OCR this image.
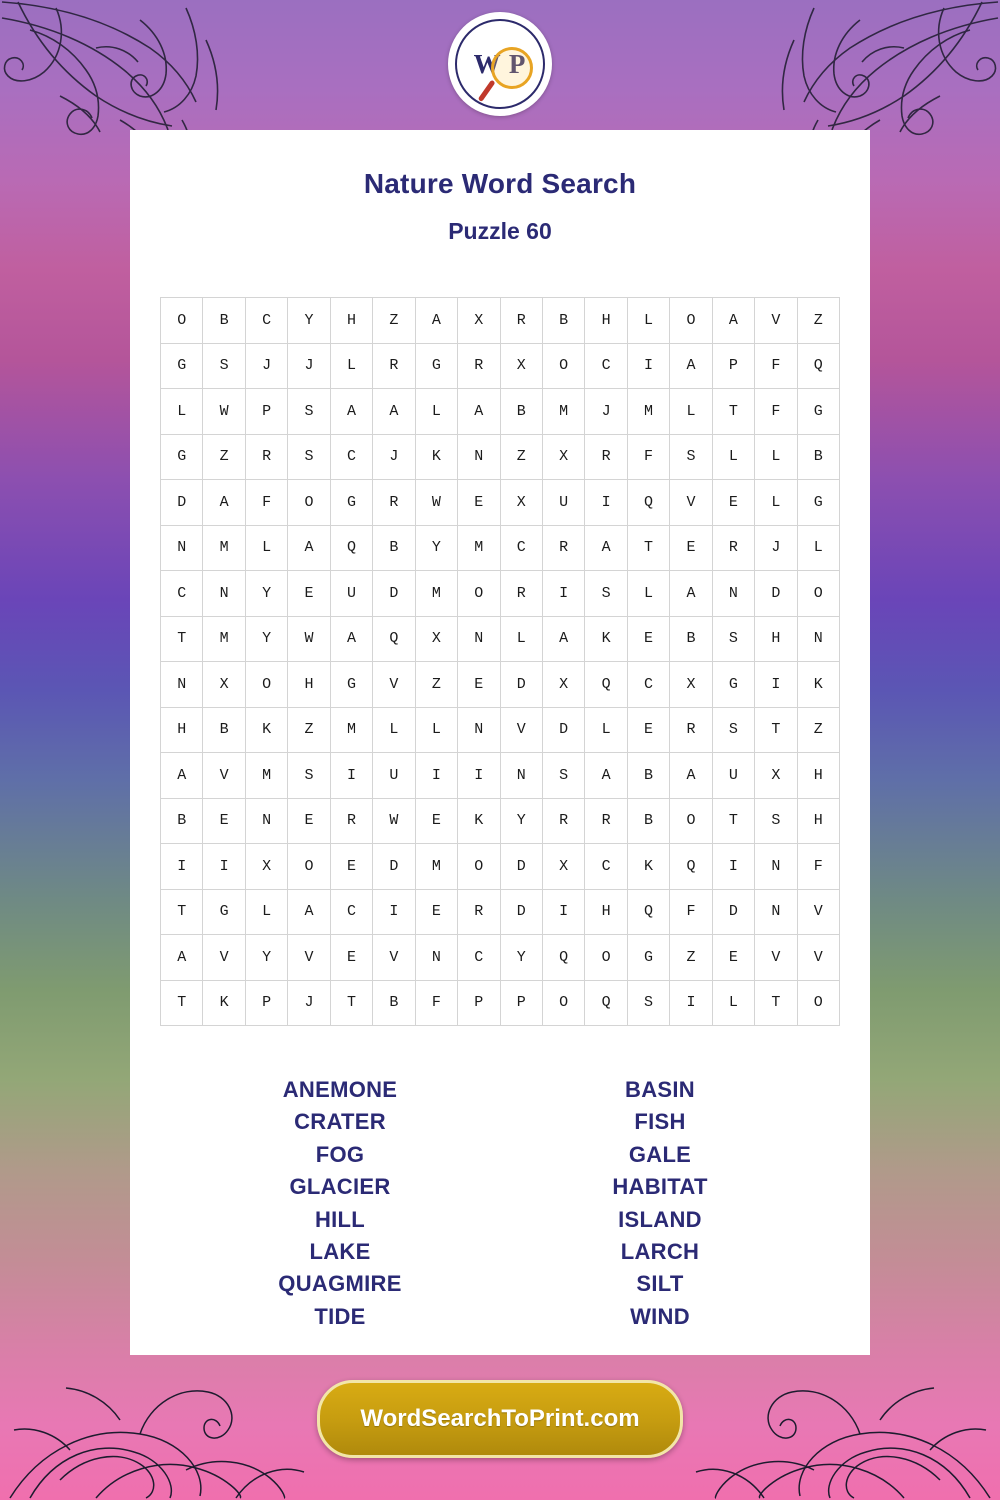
W P
Nature Word Search
Puzzle 60
O	B	C	Y	H	Z	A	X	R	B	H	L	O	A	V	Z
G	S	J	J	L	R	G	R	X	O	C	I	A	P	F	Q
L	W	P	S	A	A	L	A	B	M	J	M	L	T	F	G
G	Z	R	S	C	J	K	N	Z	X	R	F	S	L	L	B
D	A	F	O	G	R	W	E	X	U	I	Q	V	E	L	G
N	M	L	A	Q	B	Y	M	C	R	A	T	E	R	J	L
C	N	Y	E	U	D	M	O	R	I	S	L	A	N	D	O
T	M	Y	W	A	Q	X	N	L	A	K	E	B	S	H	N
N	X	O	H	G	V	Z	E	D	X	Q	C	X	G	I	K
H	B	K	Z	M	L	L	N	V	D	L	E	R	S	T	Z
A	V	M	S	I	U	I	I	N	S	A	B	A	U	X	H
B	E	N	E	R	W	E	K	Y	R	R	B	O	T	S	H
I	I	X	O	E	D	M	O	D	X	C	K	Q	I	N	F
T	G	L	A	C	I	E	R	D	I	H	Q	F	D	N	V
A	V	Y	V	E	V	N	C	Y	Q	O	G	Z	E	V	V
T	K	P	J	T	B	F	P	P	O	Q	S	I	L	T	O
ANEMONE
CRATER
FOG
GLACIER
HILL
LAKE
QUAGMIRE
TIDE
BASIN
FISH
GALE
HABITAT
ISLAND
LARCH
SILT
WIND
WordSearchToPrint.com
